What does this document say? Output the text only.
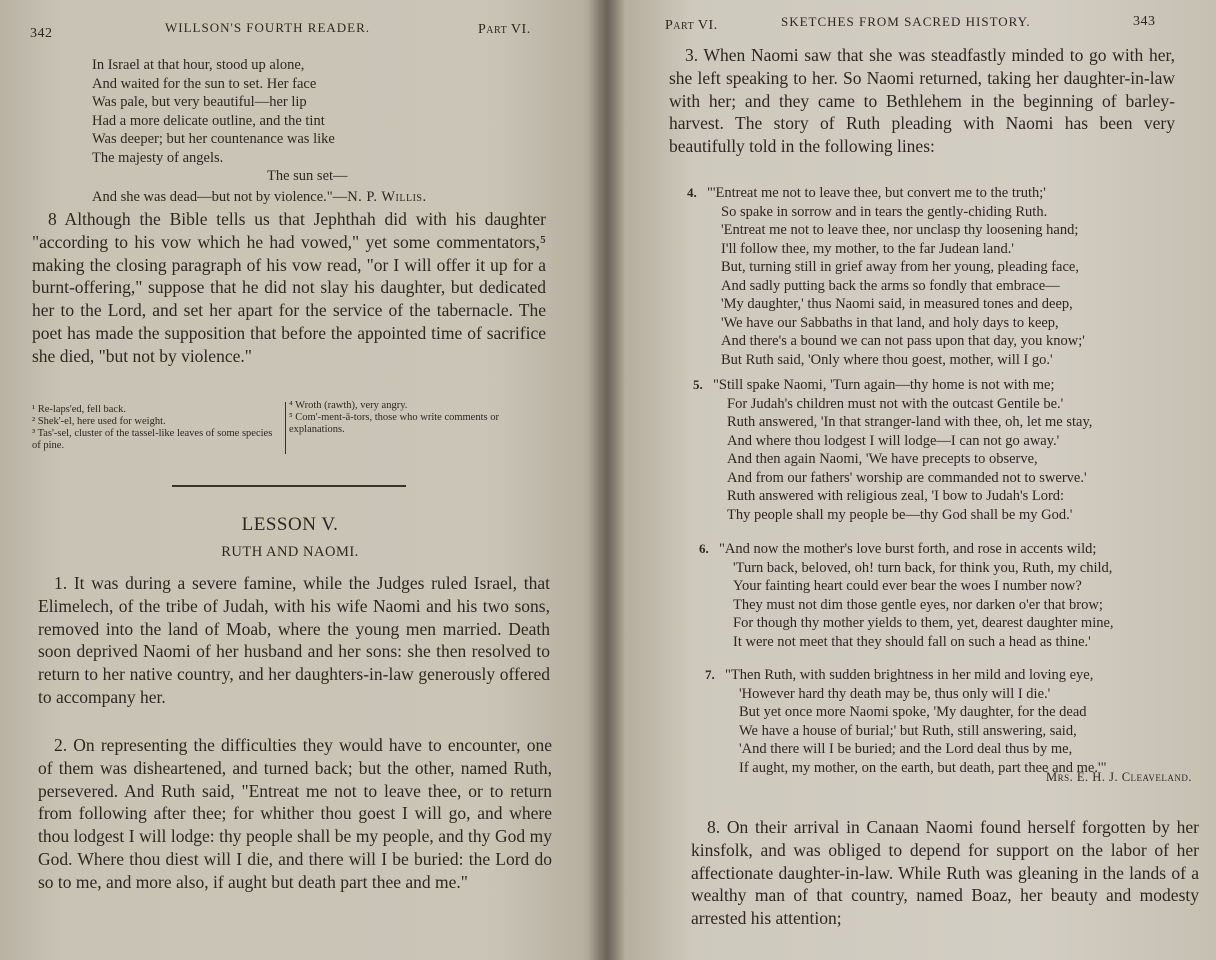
342	WILLSON'S FOURTH READER.	Part VI.
In Israel at that hour, stood up alone,
And waited for the sun to set. Her face
Was pale, but very beautiful—her lip
Had a more delicate outline, and the tint
Was deeper; but her countenance was like
The majesty of angels.
The sun set—
And she was dead—but not by violence."—N. P. Willis.

8 Although the Bible tells us that Jephthah did with his daughter "according to his vow which he had vowed," yet some commentators,⁵ making the closing paragraph of his vow read, "or I will offer it up for a burnt-offering," suppose that he did not slay his daughter, but dedicated her to the Lord, and set her apart for the service of the tabernacle. The poet has made the supposition that before the appointed time of sacrifice she died, "but not by violence."

¹ Re-laps'ed, fell back.
² Shek'-el, here used for weight.
³ Tas'-sel, cluster of the tassel-like leaves of some species of pine.
⁴ Wroth (rawth), very angry.
⁵ Com'-ment-ā-tors, those who write comments or explanations.
LESSON V.
RUTH AND NAOMI.

1. It was during a severe famine, while the Judges ruled Israel, that Elimelech, of the tribe of Judah, with his wife Naomi and his two sons, removed into the land of Moab, where the young men married. Death soon deprived Naomi of her husband and her sons: she then resolved to return to her native country, and her daughters-in-law generously offered to accompany her.

2. On representing the difficulties they would have to encounter, one of them was disheartened, and turned back; but the other, named Ruth, persevered. And Ruth said, "Entreat me not to leave thee, or to return from following after thee; for whither thou goest I will go, and where thou lodgest I will lodge: thy people shall be my people, and thy God my God. Where thou diest will I die, and there will I be buried: the Lord do so to me, and more also, if aught but death part thee and me."

Part VI.	SKETCHES FROM SACRED HISTORY.	343

3. When Naomi saw that she was steadfastly minded to go with her, she left speaking to her. So Naomi returned, taking her daughter-in-law with her; and they came to Bethlehem in the beginning of barley-harvest. The story of Ruth pleading with Naomi has been very beautifully told in the following lines:

4. "'Entreat me not to leave thee, but convert me to the truth;'
So spake in sorrow and in tears the gently-chiding Ruth.
'Entreat me not to leave thee, nor unclasp thy loosening hand;
I'll follow thee, my mother, to the far Judean land.'
But, turning still in grief away from her young, pleading face,
And sadly putting back the arms so fondly that embrace—
'My daughter,' thus Naomi said, in measured tones and deep,
'We have our Sabbaths in that land, and holy days to keep,
And there's a bound we can not pass upon that day, you know;'
But Ruth said, 'Only where thou goest, mother, will I go.'
5. "Still spake Naomi, 'Turn again—thy home is not with me;
For Judah's children must not with the outcast Gentile be.'
Ruth answered, 'In that stranger-land with thee, oh, let me stay,
And where thou lodgest I will lodge—I can not go away.'
And then again Naomi, 'We have precepts to observe,
And from our fathers' worship are commanded not to swerve.'
Ruth answered with religious zeal, 'I bow to Judah's Lord:
Thy people shall my people be—thy God shall be my God.'
6. "And now the mother's love burst forth, and rose in accents wild;
'Turn back, beloved, oh! turn back, for think you, Ruth, my child,
Your fainting heart could ever bear the woes I number now?
They must not dim those gentle eyes, nor darken o'er that brow;
For though thy mother yields to them, yet, dearest daughter mine,
It were not meet that they should fall on such a head as thine.'
7. "Then Ruth, with sudden brightness in her mild and loving eye,
'However hard thy death may be, thus only will I die.'
But yet once more Naomi spoke, 'My daughter, for the dead
We have a house of burial;' but Ruth, still answering, said,
'And there will I be buried; and the Lord deal thus by me,
If aught, my mother, on the earth, but death, part thee and me.'"
Mrs. E. H. J. Cleaveland.

8. On their arrival in Canaan Naomi found herself forgotten by her kinsfolk, and was obliged to depend for support on the labor of her affectionate daughter-in-law. While Ruth was gleaning in the lands of a wealthy man of that country, named Boaz, her beauty and modesty arrested his attention;
